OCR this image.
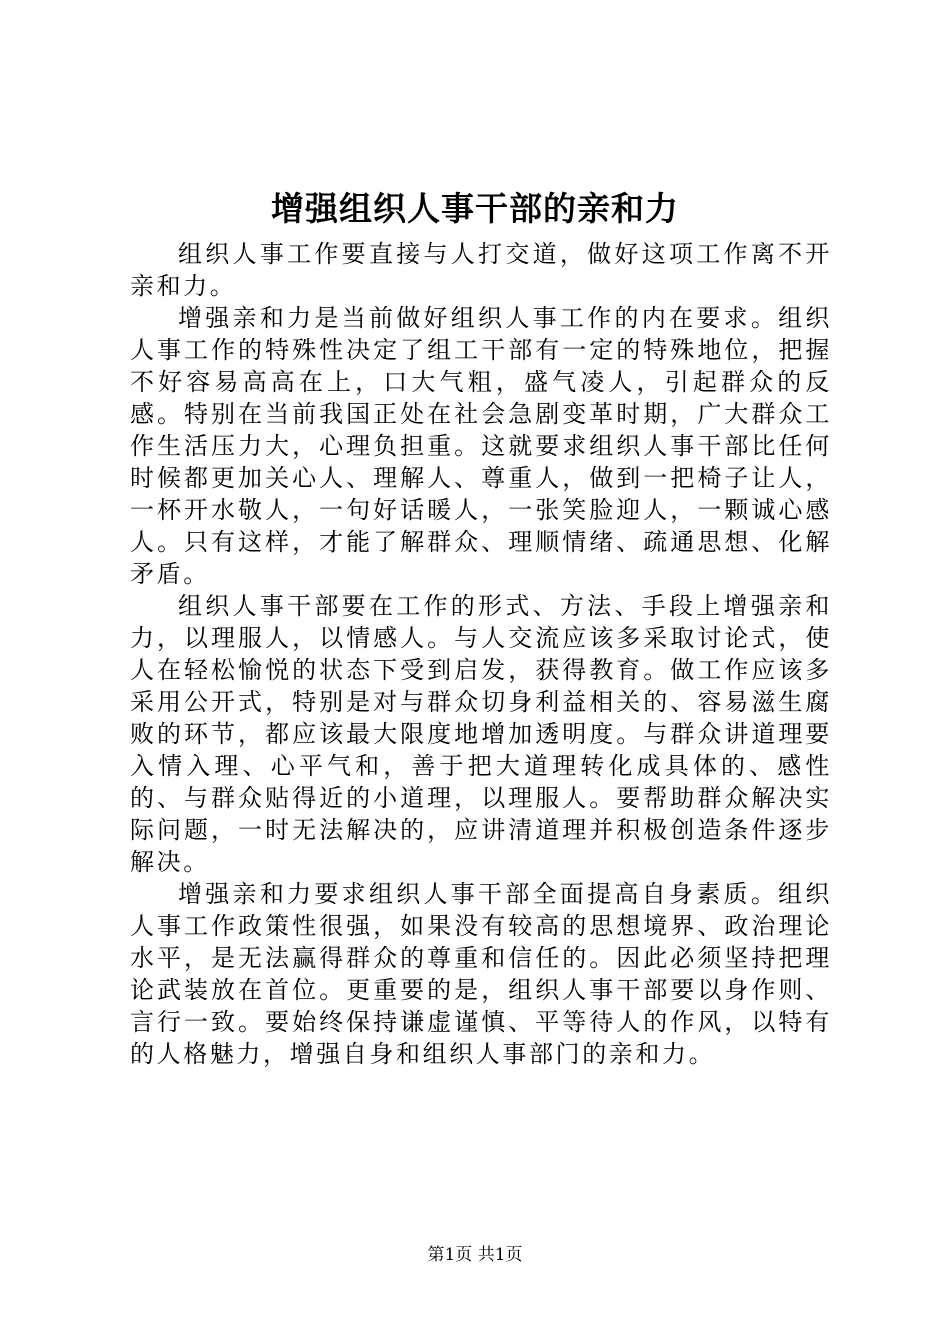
增强组织人事干部的亲和力

组织人事工作要直接与人打交道，做好这项工作离不开亲和力。

增强亲和力是当前做好组织人事工作的内在要求。组织人事工作的特殊性决定了组工干部有一定的特殊地位，把握不好容易高高在上，口大气粗，盛气凌人，引起群众的反感。特别在当前我国正处在社会急剧变革时期，广大群众工作生活压力大，心理负担重。这就要求组织人事干部比任何时候都更加关心人、理解人、尊重人，做到一把椅子让人，一杯开水敬人，一句好话暖人，一张笑脸迎人，一颗诚心感人。只有这样，才能了解群众、理顺情绪、疏通思想、化解矛盾。

组织人事干部要在工作的形式、方法、手段上增强亲和力，以理服人，以情感人。与人交流应该多采取讨论式，使人在轻松愉悦的状态下受到启发，获得教育。做工作应该多采用公开式，特别是对与群众切身利益相关的、容易滋生腐败的环节，都应该最大限度地增加透明度。与群众讲道理要入情入理、心平气和，善于把大道理转化成具体的、感性的、与群众贴得近的小道理，以理服人。要帮助群众解决实际问题，一时无法解决的，应讲清道理并积极创造条件逐步解决。

增强亲和力要求组织人事干部全面提高自身素质。组织人事工作政策性很强，如果没有较高的思想境界、政治理论水平，是无法赢得群众的尊重和信任的。因此必须坚持把理论武装放在首位。更重要的是，组织人事干部要以身作则、言行一致。要始终保持谦虚谨慎、平等待人的作风，以特有的人格魅力，增强自身和组织人事部门的亲和力。

第1页 共1页
